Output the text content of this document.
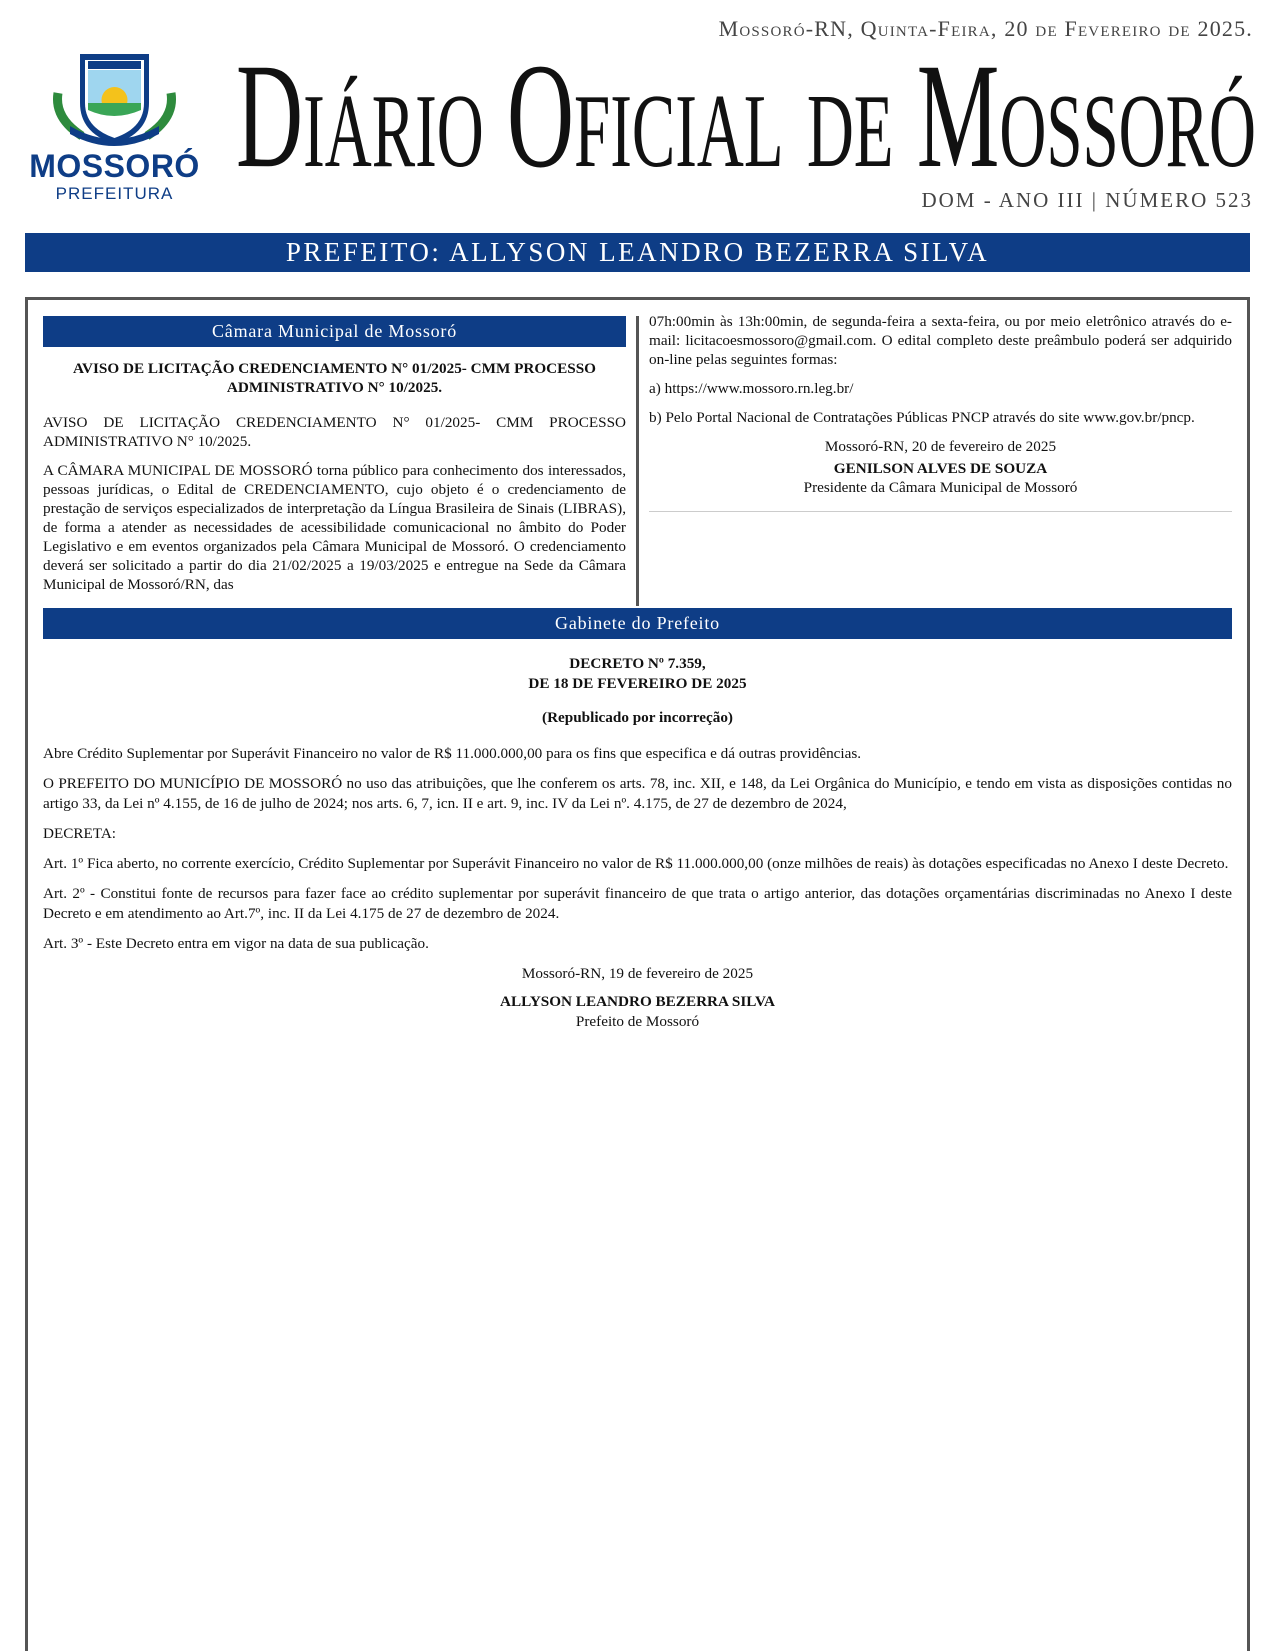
MOSSORÓ
PREFEITURA
Mossoró-RN, Quinta-Feira, 20 de Fevereiro de 2025.
Diário Oficial de Mossoró
DOM - ANO III | NÚMERO 523
PREFEITO: ALLYSON LEANDRO BEZERRA SILVA
Câmara Municipal de Mossoró

AVISO DE LICITAÇÃO CREDENCIAMENTO N° 01/2025- CMM PROCESSO ADMINISTRATIVO N° 10/2025.

AVISO DE LICITAÇÃO CREDENCIAMENTO N° 01/2025- CMM PROCESSO ADMINISTRATIVO N° 10/2025.

A CÂMARA MUNICIPAL DE MOSSORÓ torna público para conhecimento dos interessados, pessoas jurídicas, o Edital de CREDENCIAMENTO, cujo objeto é o credenciamento de prestação de serviços especializados de interpretação da Língua Brasileira de Sinais (LIBRAS), de forma a atender as necessidades de acessibilidade comunicacional no âmbito do Poder Legislativo e em eventos organizados pela Câmara Municipal de Mossoró. O credenciamento deverá ser solicitado a partir do dia 21/02/2025 a 19/03/2025 e entregue na Sede da Câmara Municipal de Mossoró/RN, das

07h:00min às 13h:00min, de segunda-feira a sexta-feira, ou por meio eletrônico através do e-mail: licitacoesmossoro@gmail.com. O edital completo deste preâmbulo poderá ser adquirido on-line pelas seguintes formas:

a) https://www.mossoro.rn.leg.br/

b) Pelo Portal Nacional de Contratações Públicas PNCP através do site www.gov.br/pncp.

Mossoró-RN, 20 de fevereiro de 2025

GENILSON ALVES DE SOUZA

Presidente da Câmara Municipal de Mossoró

Gabinete do Prefeito
DECRETO Nº 7.359,
DE 18 DE FEVEREIRO DE 2025

(Republicado por incorreção)

Abre Crédito Suplementar por Superávit Financeiro no valor de R$ 11.000.000,00 para os fins que especifica e dá outras providências.

O PREFEITO DO MUNICÍPIO DE MOSSORÓ no uso das atribuições, que lhe conferem os arts. 78, inc. XII, e 148, da Lei Orgânica do Município, e tendo em vista as disposições contidas no artigo 33, da Lei nº 4.155, de 16 de julho de 2024; nos arts. 6, 7, icn. II e art. 9, inc. IV da Lei nº. 4.175, de 27 de dezembro de 2024,

DECRETA:

Art. 1º Fica aberto, no corrente exercício, Crédito Suplementar por Superávit Financeiro no valor de R$ 11.000.000,00 (onze milhões de reais) às dotações especificadas no Anexo I deste Decreto.

Art. 2º - Constitui fonte de recursos para fazer face ao crédito suplementar por superávit financeiro de que trata o artigo anterior, das dotações orçamentárias discriminadas no Anexo I deste Decreto e em atendimento ao Art.7º, inc. II da Lei 4.175 de 27 de dezembro de 2024.

Art. 3º - Este Decreto entra em vigor na data de sua publicação.

Mossoró-RN, 19 de fevereiro de 2025

ALLYSON LEANDRO BEZERRA SILVA

Prefeito de Mossoró
